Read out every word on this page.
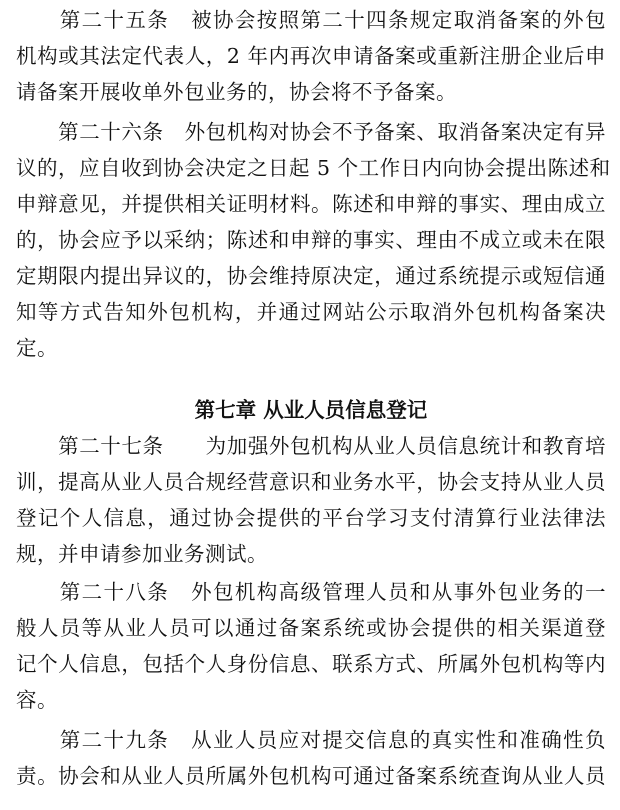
　　第二十五条　被协会按照第二十四条规定取消备案的外包
机构或其法定代表人，2 年内再次申请备案或重新注册企业后申
请备案开展收单外包业务的，协会将不予备案。
　　第二十六条　外包机构对协会不予备案、取消备案决定有异
议的，应自收到协会决定之日起 5 个工作日内向协会提出陈述和
申辩意见，并提供相关证明材料。陈述和申辩的事实、理由成立
的，协会应予以采纳；陈述和申辩的事实、理由不成立或未在限
定期限内提出异议的，协会维持原决定，通过系统提示或短信通
知等方式告知外包机构，并通过网站公示取消外包机构备案决
定。
第七章 从业人员信息登记
　　第二十七条　　为加强外包机构从业人员信息统计和教育培
训，提高从业人员合规经营意识和业务水平，协会支持从业人员
登记个人信息，通过协会提供的平台学习支付清算行业法律法
规，并申请参加业务测试。
　　第二十八条　外包机构高级管理人员和从事外包业务的一
般人员等从业人员可以通过备案系统或协会提供的相关渠道登
记个人信息，包括个人身份信息、联系方式、所属外包机构等内
容。
　　第二十九条　从业人员应对提交信息的真实性和准确性负
责。协会和从业人员所属外包机构可通过备案系统查询从业人员
